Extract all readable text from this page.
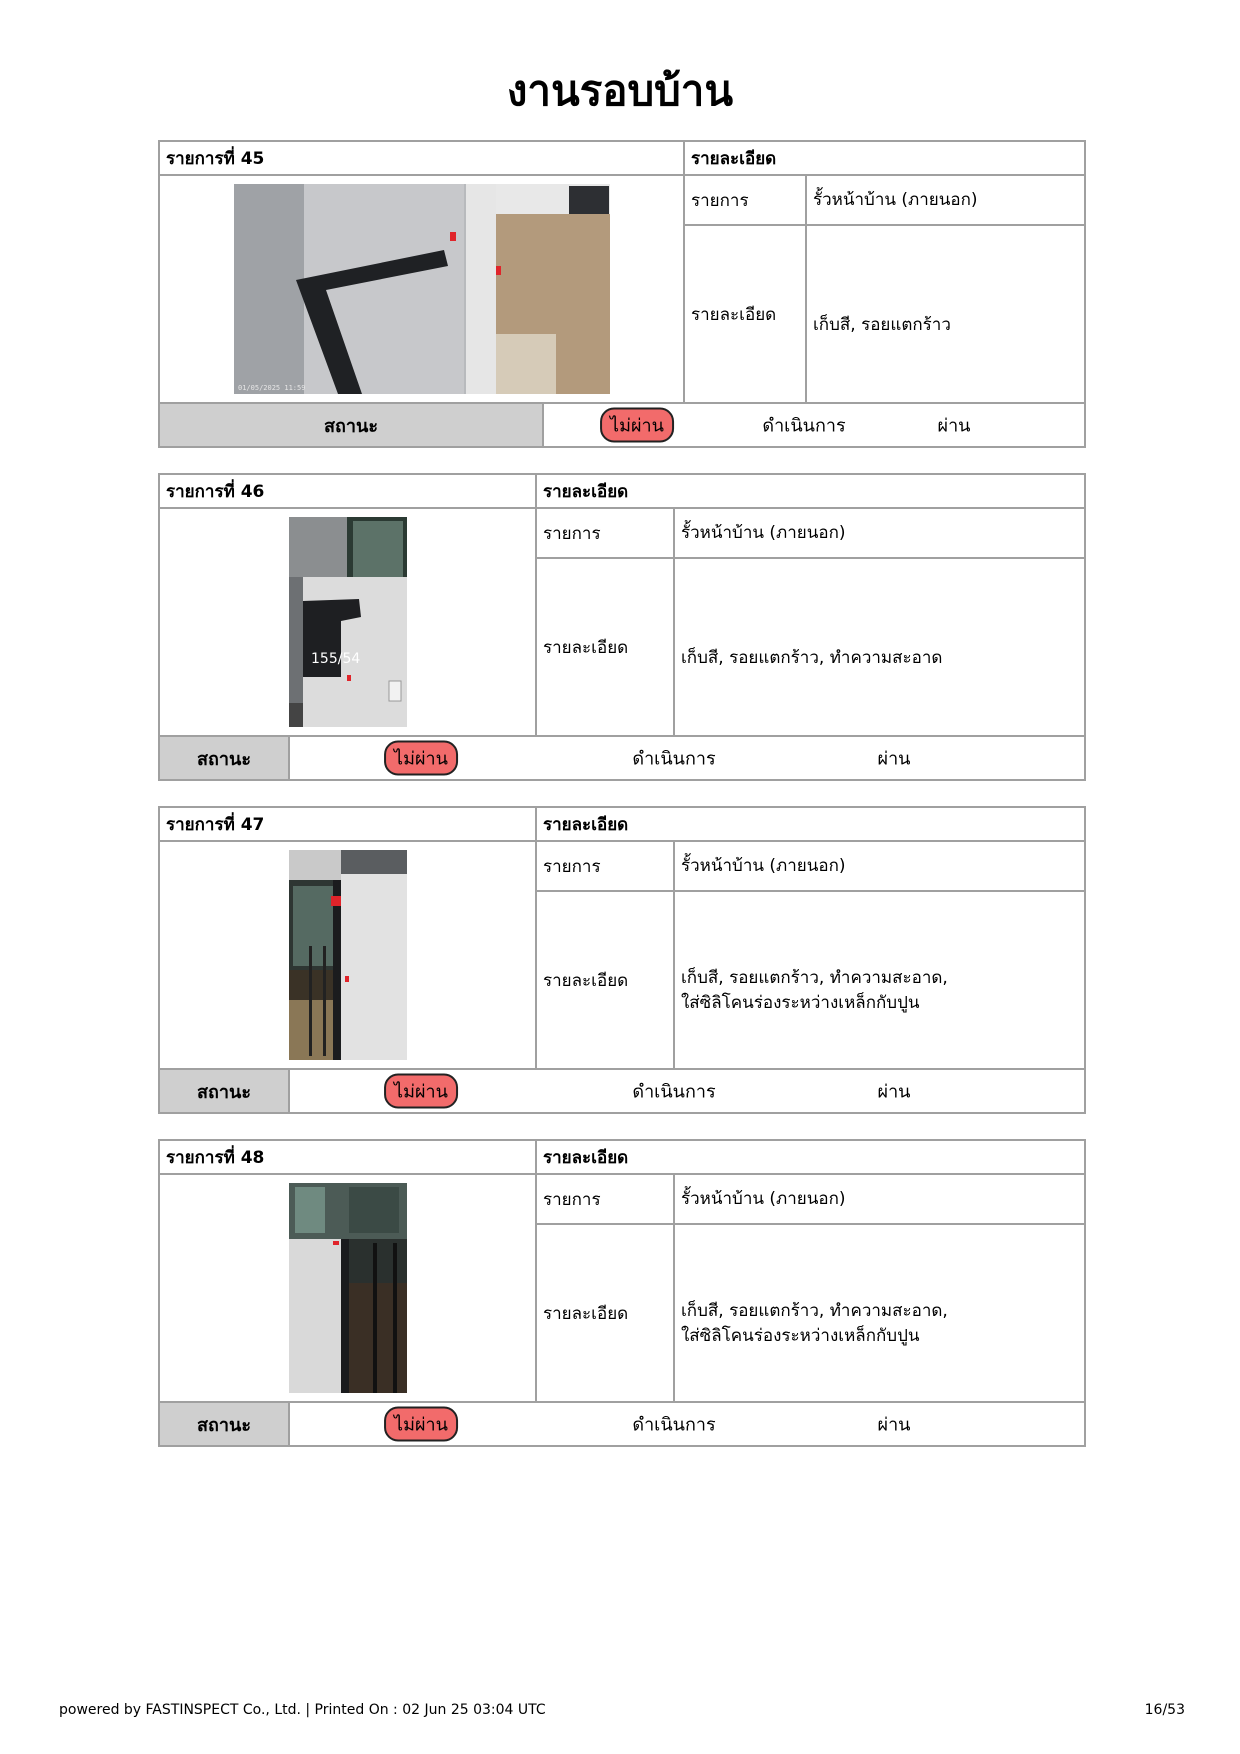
งานรอบบ้าน
รายการที่ 45	รายละเอียด
01/05/2025 11:59
รายการ	รั้วหน้าบ้าน (ภายนอก)
รายละเอียด	เก็บสี, รอยแตกร้าว
สถานะ	ไม่ผ่าน	ดำเนินการ	ผ่าน
รายการที่ 46	รายละเอียด
155/54
รายการ	รั้วหน้าบ้าน (ภายนอก)
รายละเอียด	เก็บสี, รอยแตกร้าว, ทำความสะอาด
สถานะ	ไม่ผ่าน	ดำเนินการ	ผ่าน
รายการที่ 47	รายละเอียด
รายการ	รั้วหน้าบ้าน (ภายนอก)
รายละเอียด	เก็บสี, รอยแตกร้าว, ทำความสะอาด,
ใส่ซิลิโคนร่องระหว่างเหล็กกับปูน
สถานะ	ไม่ผ่าน	ดำเนินการ	ผ่าน
รายการที่ 48	รายละเอียด
รายการ	รั้วหน้าบ้าน (ภายนอก)
รายละเอียด	เก็บสี, รอยแตกร้าว, ทำความสะอาด,
ใส่ซิลิโคนร่องระหว่างเหล็กกับปูน
สถานะ	ไม่ผ่าน	ดำเนินการ	ผ่าน
powered by FASTINSPECT Co., Ltd. | Printed On : 02 Jun 25 03:04 UTC	16/53
